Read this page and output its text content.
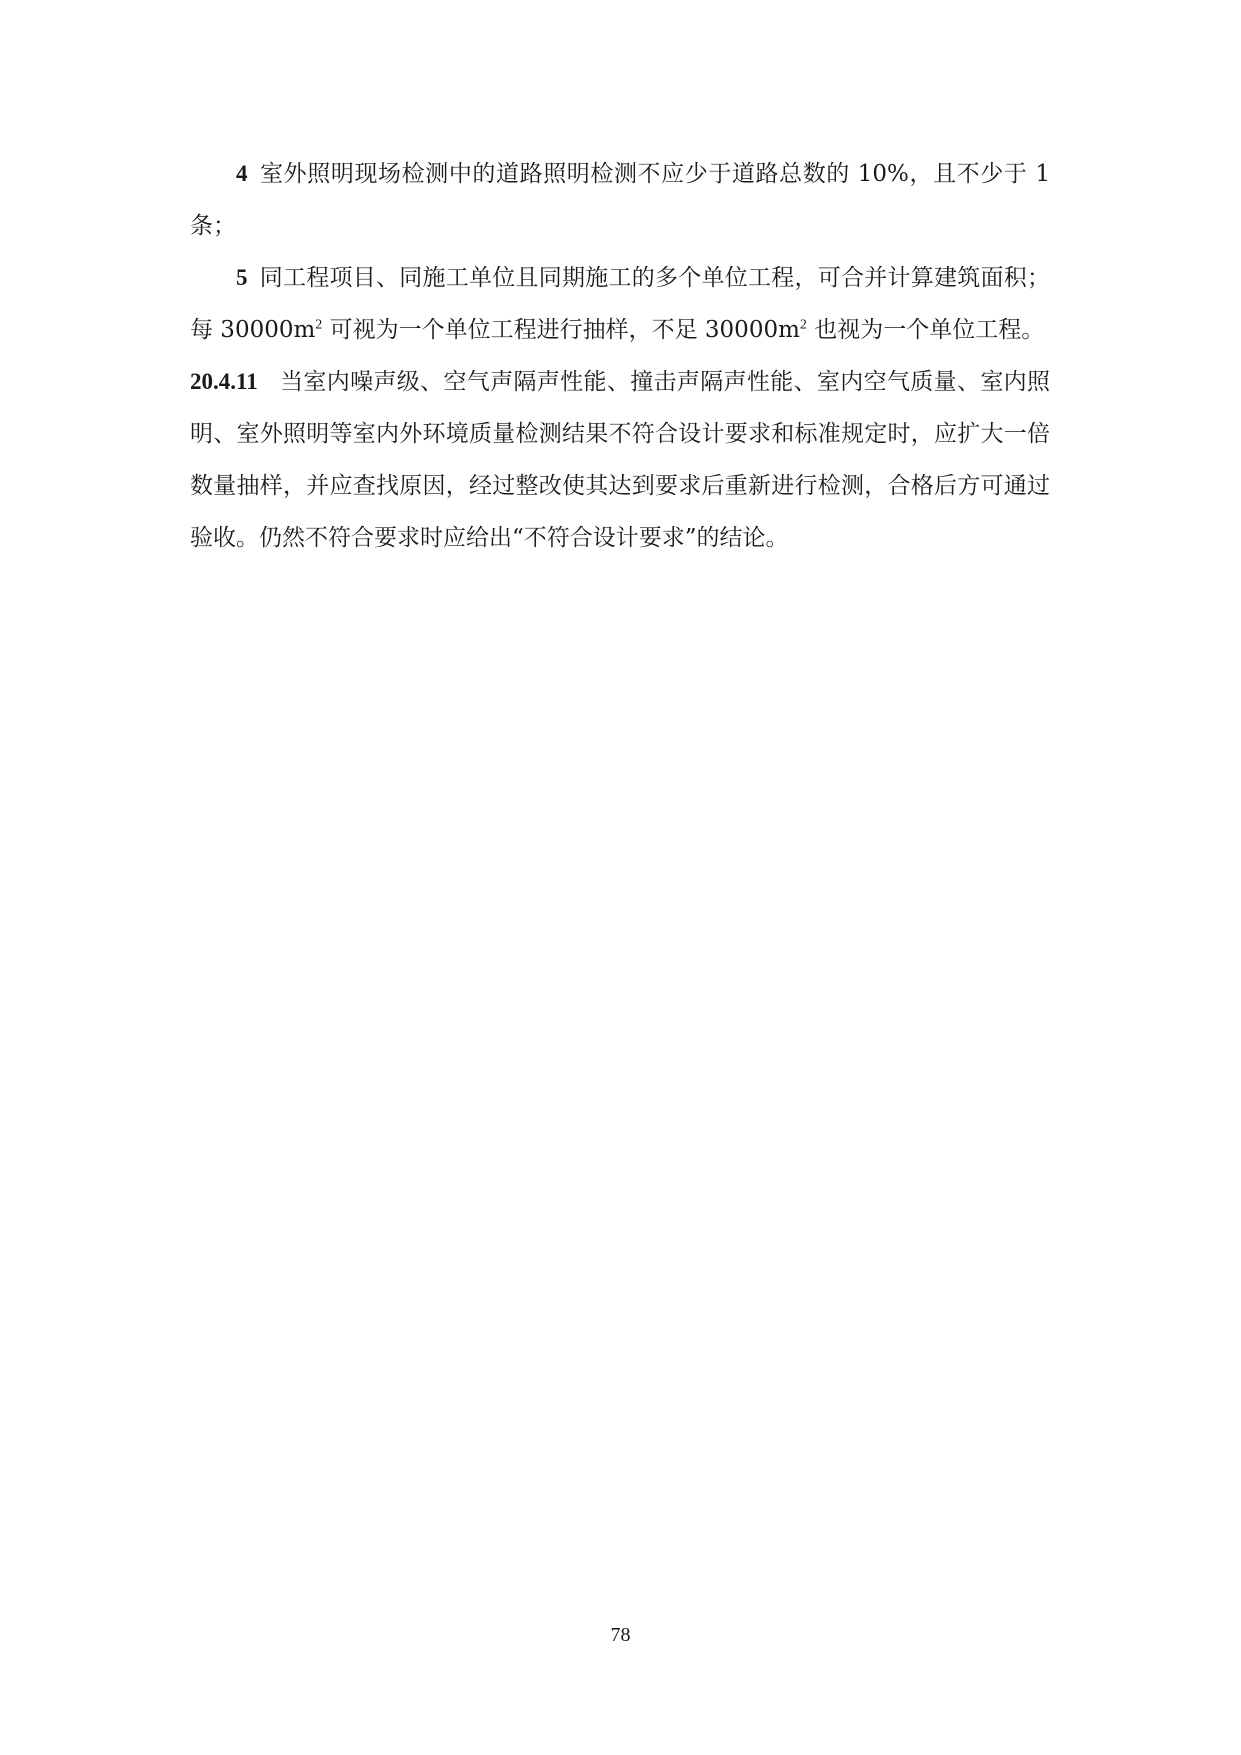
4 室外照明现场检测中的道路照明检测不应少于道路总数的 10%，且不少于 1 条；

5 同工程项目、同施工单位且同期施工的多个单位工程，可合并计算建筑面积；每 $30000m^2$ 可视为一个单位工程进行抽样，不足 $30000m^2$ 也视为一个单位工程。

20.4.11 当室内噪声级、空气声隔声性能、撞击声隔声性能、室内空气质量、室内照明、室外照明等室内外环境质量检测结果不符合设计要求和标准规定时，应扩大一倍数量抽样，并应查找原因，经过整改使其达到要求后重新进行检测，合格后方可通过验收。仍然不符合要求时应给出“不符合设计要求”的结论。

78
